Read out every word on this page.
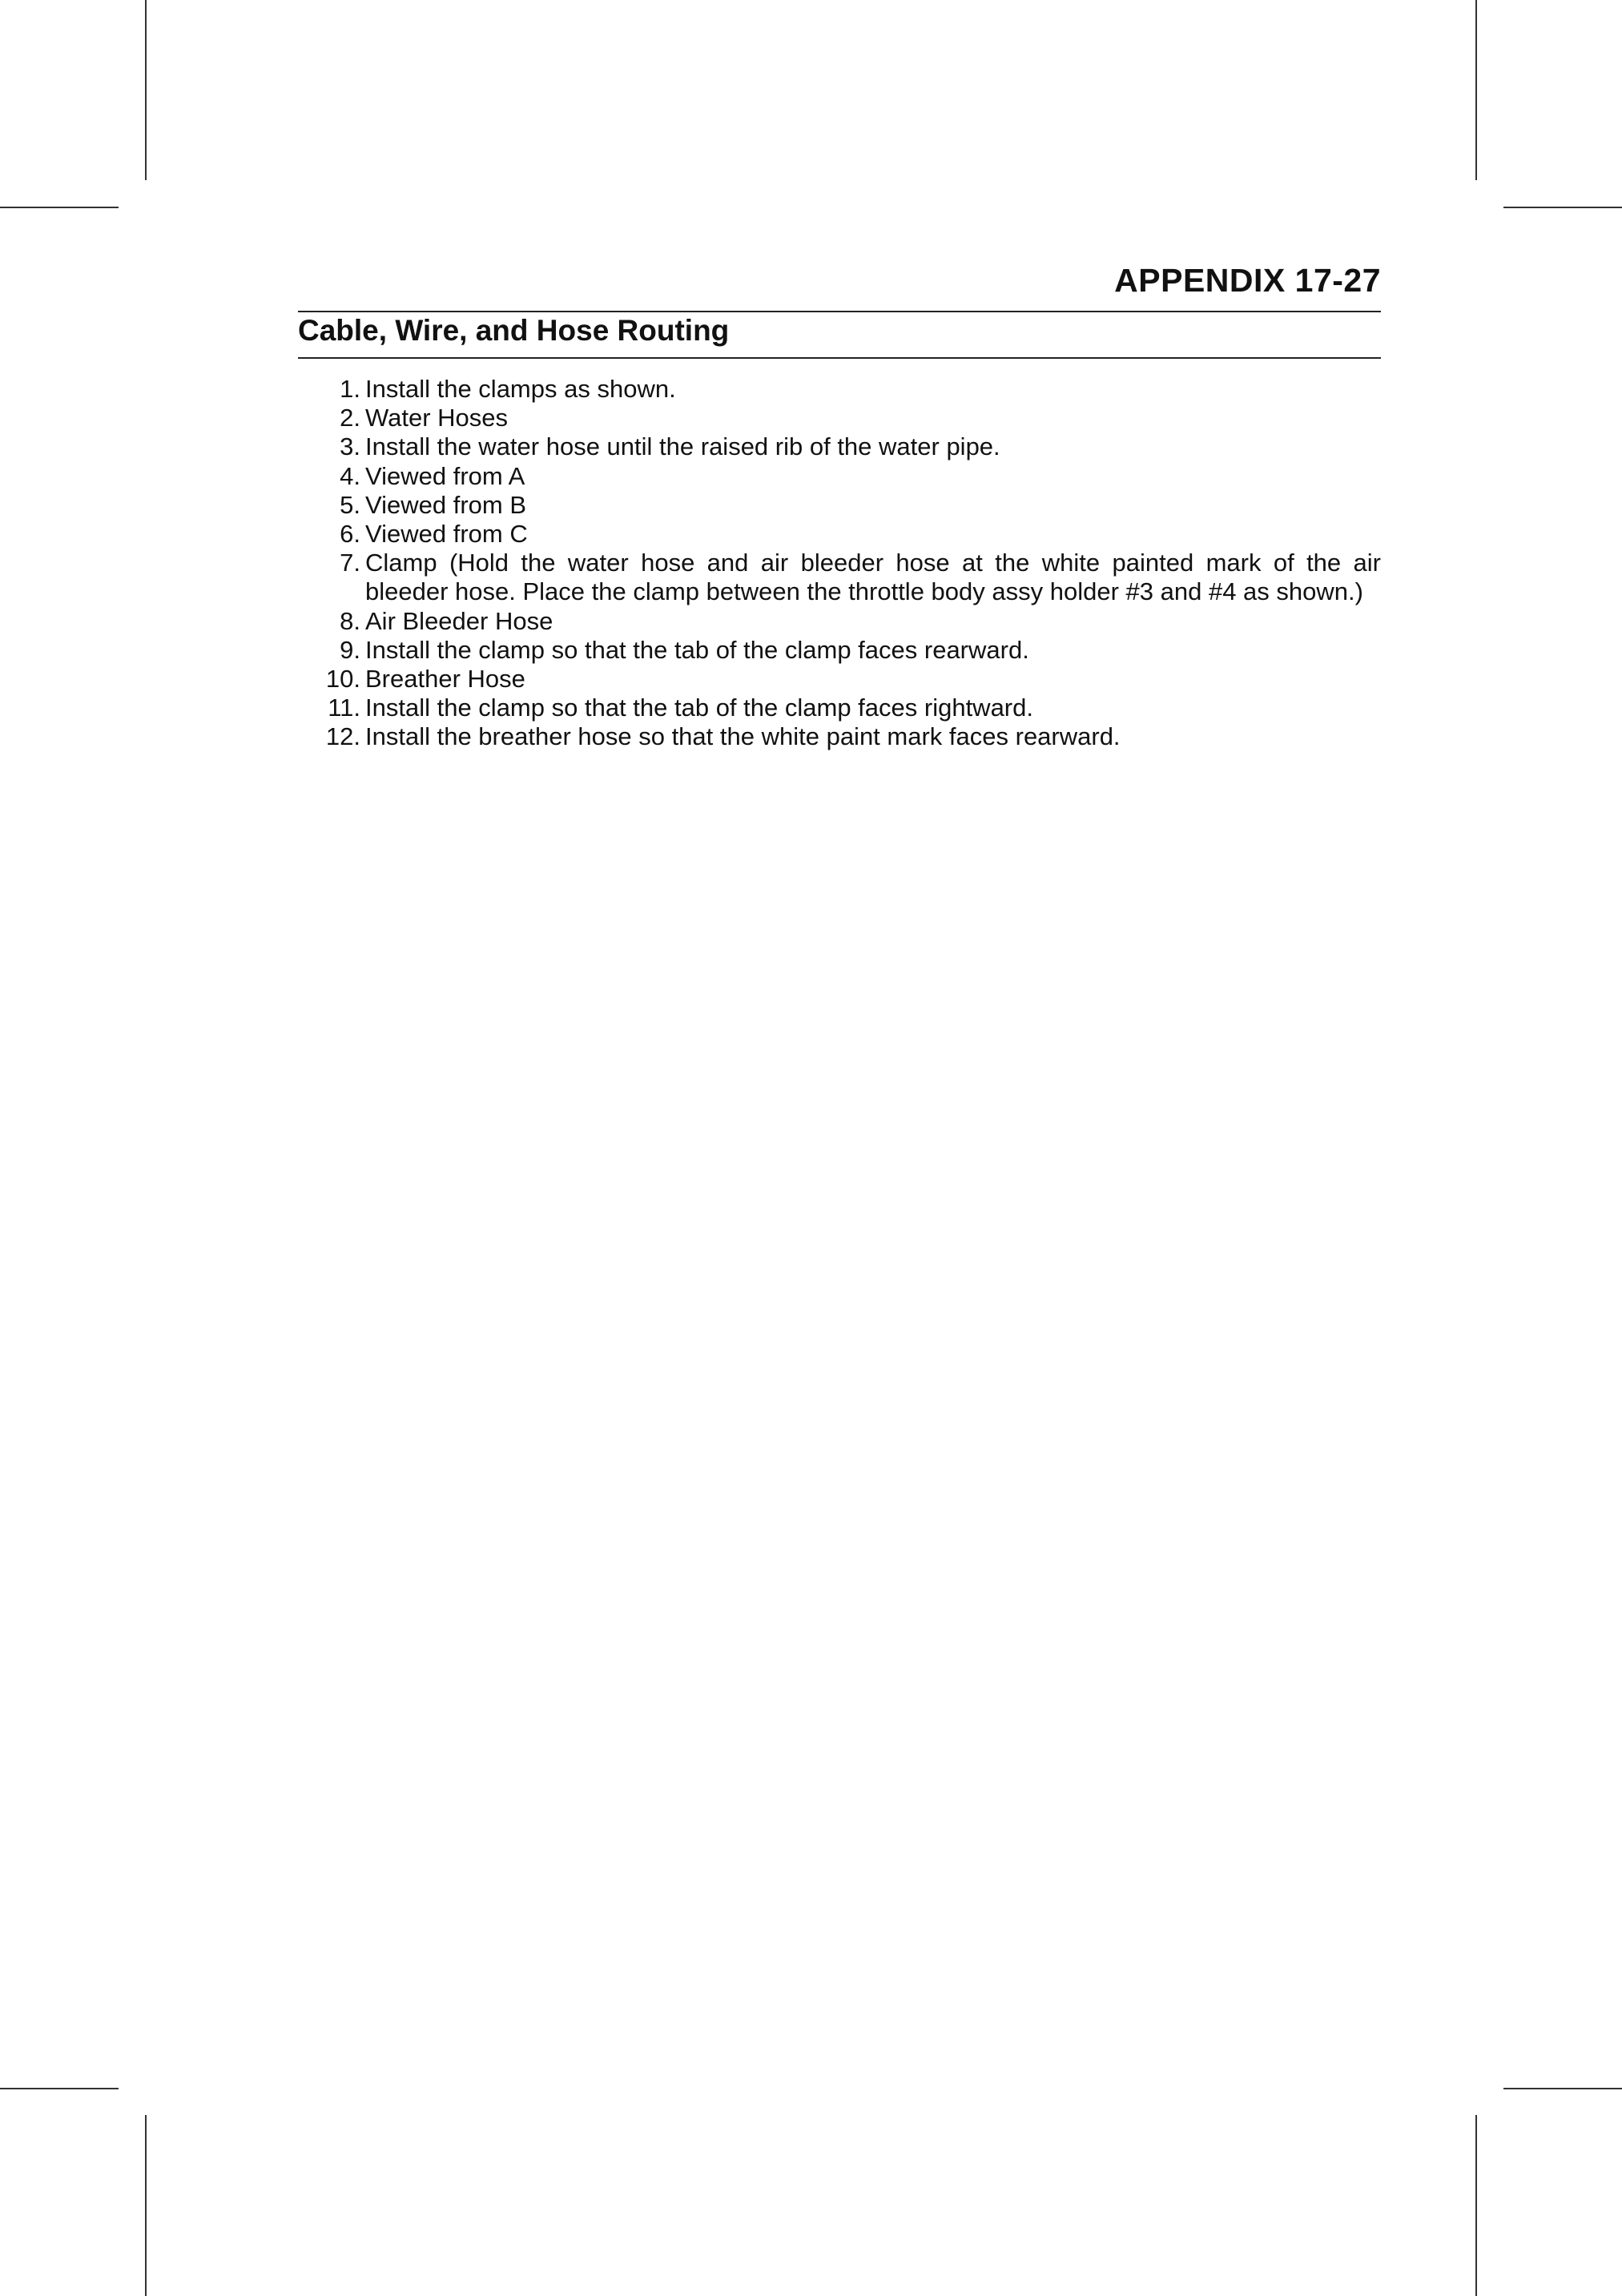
APPENDIX 17-27
Cable, Wire, and Hose Routing
1. Install the clamps as shown.
2. Water Hoses
3. Install the water hose until the raised rib of the water pipe.
4. Viewed from A
5. Viewed from B
6. Viewed from C
7. Clamp (Hold the water hose and air bleeder hose at the white painted mark of the air bleeder hose. Place the clamp between the throttle body assy holder #3 and #4 as shown.)
8. Air Bleeder Hose
9. Install the clamp so that the tab of the clamp faces rearward.
10. Breather Hose
11. Install the clamp so that the tab of the clamp faces rightward.
12. Install the breather hose so that the white paint mark faces rearward.
